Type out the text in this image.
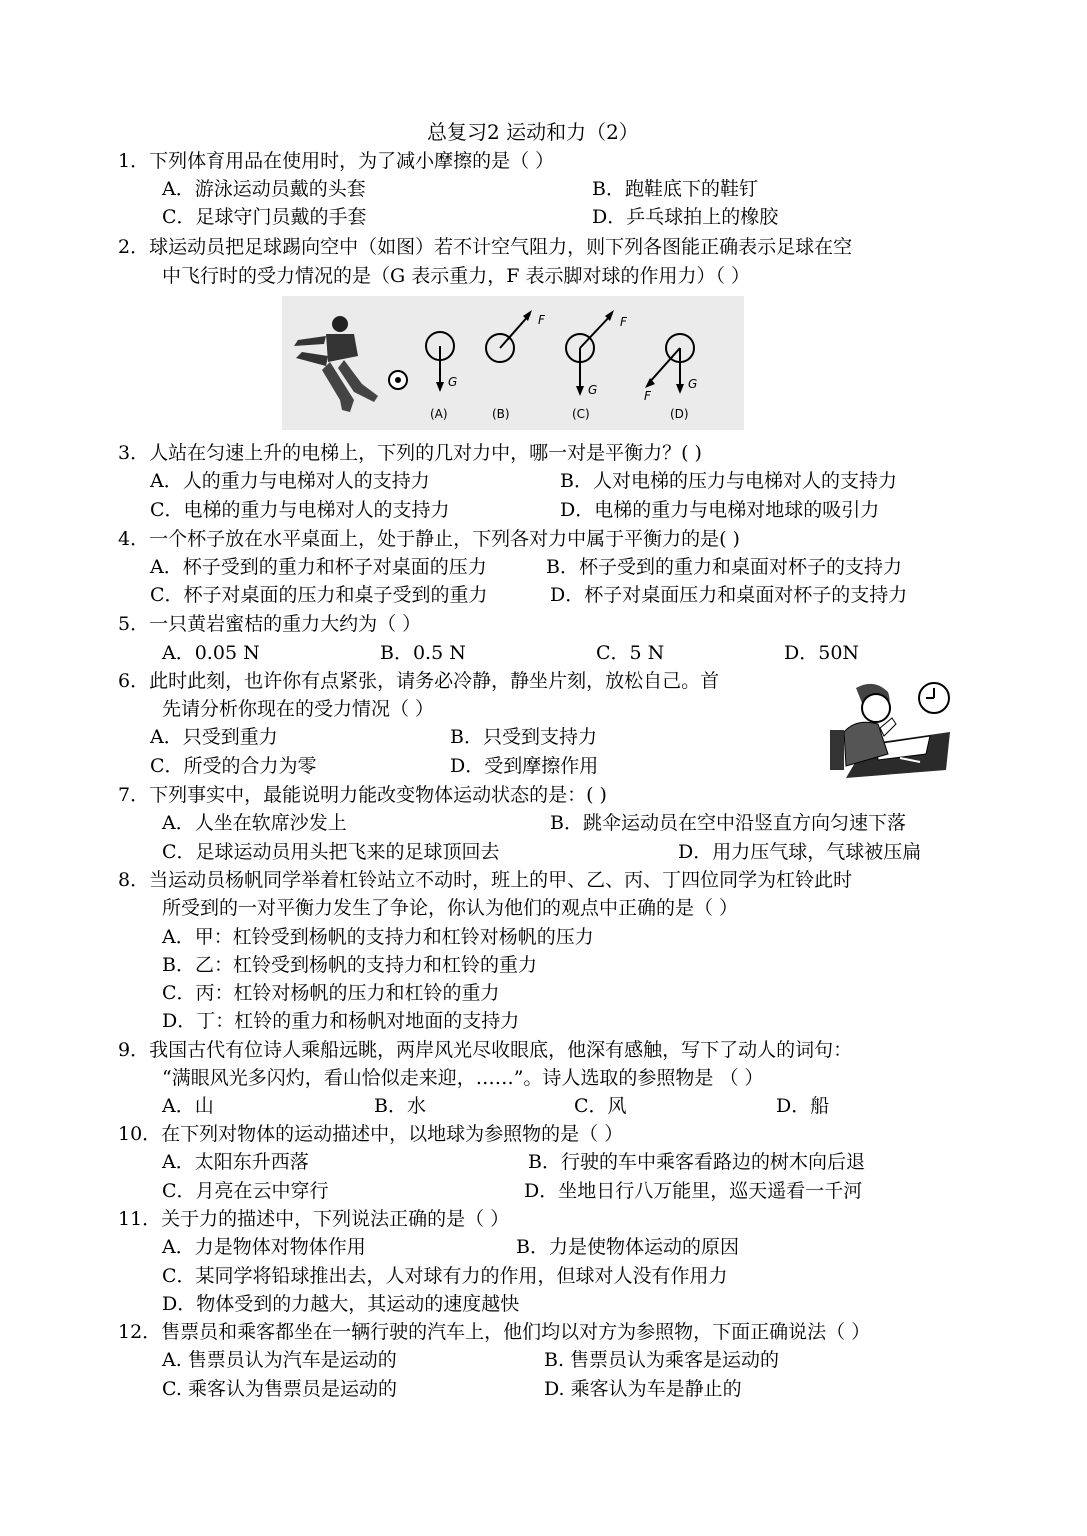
总复习2 运动和力（2）
1．下列体育用品在使用时，为了减小摩擦的是（ ）
A．游泳运动员戴的头套	B．跑鞋底下的鞋钉
C．足球守门员戴的手套	D．乒乓球拍上的橡胶
2．球运动员把足球踢向空中（如图）若不计空气阻力，则下列各图能正确表示足球在空
中飞行时的受力情况的是（G 表示重力，F 表示脚对球的作用力）（ ）
G
(A)
F
(B)
F
G
(C)
G
F
(D)
3．人站在匀速上升的电梯上，下列的几对力中，哪一对是平衡力？( )
A．人的重力与电梯对人的支持力	B．人对电梯的压力与电梯对人的支持力
C．电梯的重力与电梯对人的支持力	D．电梯的重力与电梯对地球的吸引力
4．一个杯子放在水平桌面上，处于静止，下列各对力中属于平衡力的是( )
A．杯子受到的重力和杯子对桌面的压力	B．杯子受到的重力和桌面对杯子的支持力
C．杯子对桌面的压力和桌子受到的重力	D．杯子对桌面压力和桌面对杯子的支持力
5．一只黄岩蜜桔的重力大约为（ ）
A．0.05 N	B．0.5 N	C．5 N	D．50N
6．此时此刻，也许你有点紧张，请务必冷静，静坐片刻，放松自己。首
先请分析你现在的受力情况（ ）
A．只受到重力	B．只受到支持力
C．所受的合力为零	D．受到摩擦作用
7．下列事实中，最能说明力能改变物体运动状态的是：( )
A．人坐在软席沙发上	B．跳伞运动员在空中沿竖直方向匀速下落
C．足球运动员用头把飞来的足球顶回去	D．用力压气球，气球被压扁
8．当运动员杨帆同学举着杠铃站立不动时，班上的甲、乙、丙、丁四位同学为杠铃此时
所受到的一对平衡力发生了争论，你认为他们的观点中正确的是（ ）
A．甲：杠铃受到杨帆的支持力和杠铃对杨帆的压力
B．乙：杠铃受到杨帆的支持力和杠铃的重力
C．丙：杠铃对杨帆的压力和杠铃的重力
D．丁：杠铃的重力和杨帆对地面的支持力
9．我国古代有位诗人乘船远眺，两岸风光尽收眼底，他深有感触，写下了动人的词句：
“满眼风光多闪灼，看山恰似走来迎，……”。诗人选取的参照物是 （ ）
A．山	B．水	C．风	D．船
10．在下列对物体的运动描述中，以地球为参照物的是（ ）
A．太阳东升西落	B．行驶的车中乘客看路边的树木向后退
C．月亮在云中穿行	D．坐地日行八万能里，巡天遥看一千河
11．关于力的描述中，下列说法正确的是（ ）
A．力是物体对物体作用	B．力是使物体运动的原因
C．某同学将铅球推出去，人对球有力的作用，但球对人没有作用力
D．物体受到的力越大，其运动的速度越快
12．售票员和乘客都坐在一辆行驶的汽车上，他们均以对方为参照物，下面正确说法（ ）
A. 售票员认为汽车是运动的	B. 售票员认为乘客是运动的
C. 乘客认为售票员是运动的	D. 乘客认为车是静止的
